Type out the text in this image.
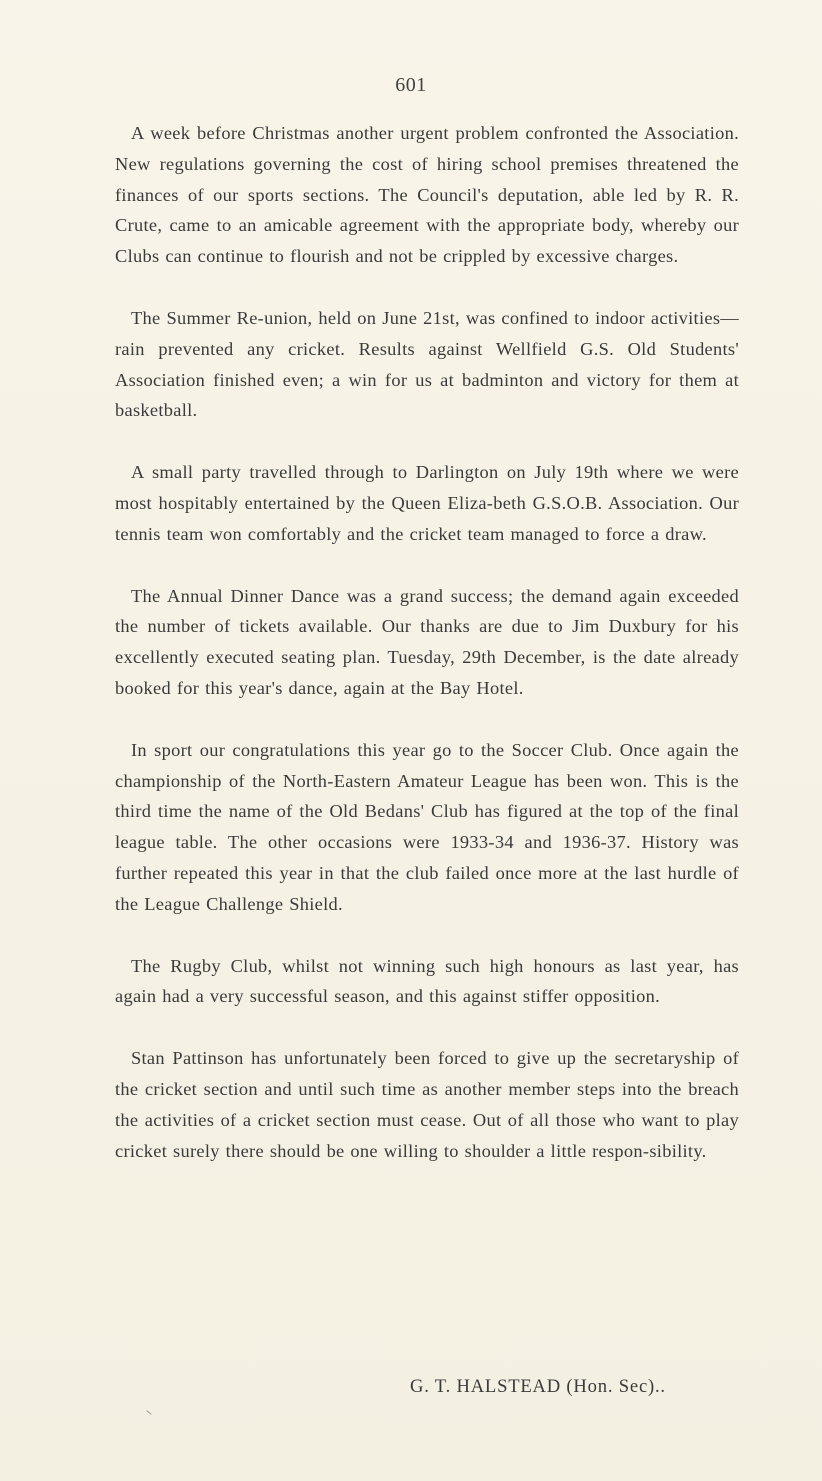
601

A week before Christmas another urgent problem confronted the Association. New regulations governing the cost of hiring school premises threatened the finances of our sports sections. The Council's deputation, able led by R. R. Crute, came to an amicable agreement with the appropriate body, whereby our Clubs can continue to flourish and not be crippled by excessive charges.

The Summer Re-union, held on June 21st, was confined to indoor activities—rain prevented any cricket. Results against Wellfield G.S. Old Students' Association finished even; a win for us at badminton and victory for them at basketball.

A small party travelled through to Darlington on July 19th where we were most hospitably entertained by the Queen Eliza-beth G.S.O.B. Association. Our tennis team won comfortably and the cricket team managed to force a draw.

The Annual Dinner Dance was a grand success; the demand again exceeded the number of tickets available. Our thanks are due to Jim Duxbury for his excellently executed seating plan. Tuesday, 29th December, is the date already booked for this year's dance, again at the Bay Hotel.

In sport our congratulations this year go to the Soccer Club. Once again the championship of the North-Eastern Amateur League has been won. This is the third time the name of the Old Bedans' Club has figured at the top of the final league table. The other occasions were 1933-34 and 1936-37. History was further repeated this year in that the club failed once more at the last hurdle of the League Challenge Shield.

The Rugby Club, whilst not winning such high honours as last year, has again had a very successful season, and this against stiffer opposition.

Stan Pattinson has unfortunately been forced to give up the secretaryship of the cricket section and until such time as another member steps into the breach the activities of a cricket section must cease. Out of all those who want to play cricket surely there should be one willing to shoulder a little respon-sibility.

G. T. HALSTEAD (Hon. Sec)..
